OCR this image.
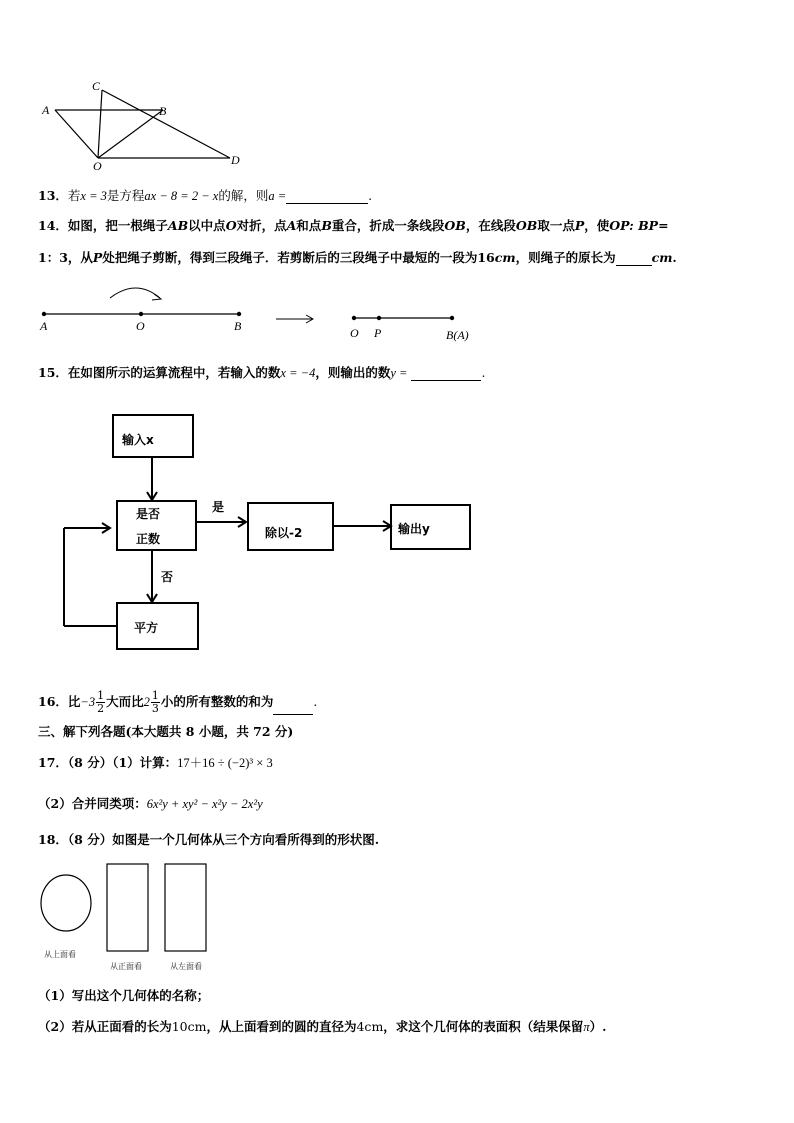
C
A	B
O	D
13．若x = 3是方程ax − 8 = 2 − x的解，则a =	.
14．如图，把一根绳子AB以中点O对折，点A和点B重合，折成一条线段OB，在线段OB取一点P，使OP: BP=
1：3，从P处把绳子剪断，得到三段绳子．若剪断后的三段绳子中最短的一段为16cm，则绳子的原长为	cm.
A	O	B	O P	B(A)
15．在如图所示的运算流程中，若输入的数x = −4，则输出的数y =	.
输入x
是否
正数
是
否
除以-2	输出y
平方
16．比$-3 \frac{1}{2}$ 大而比$2 \frac{1}{3}$ 小的所有整数的和为	.
三、解下列各题(本大题共 8 小题，共 72 分)
17．（8 分）（1）计算：17＋16 ÷ (−2)³ × 3
（2）合并同类项：6x²y + xy² − x²y − 2x²y
18．（8 分）如图是一个几何体从三个方向看所得到的形状图.
从上面看
从正面看	从左面看
（1）写出这个几何体的名称；
（2）若从正面看的长为10cm，从上面看到的圆的直径为4cm，求这个几何体的表面积（结果保留π）.
